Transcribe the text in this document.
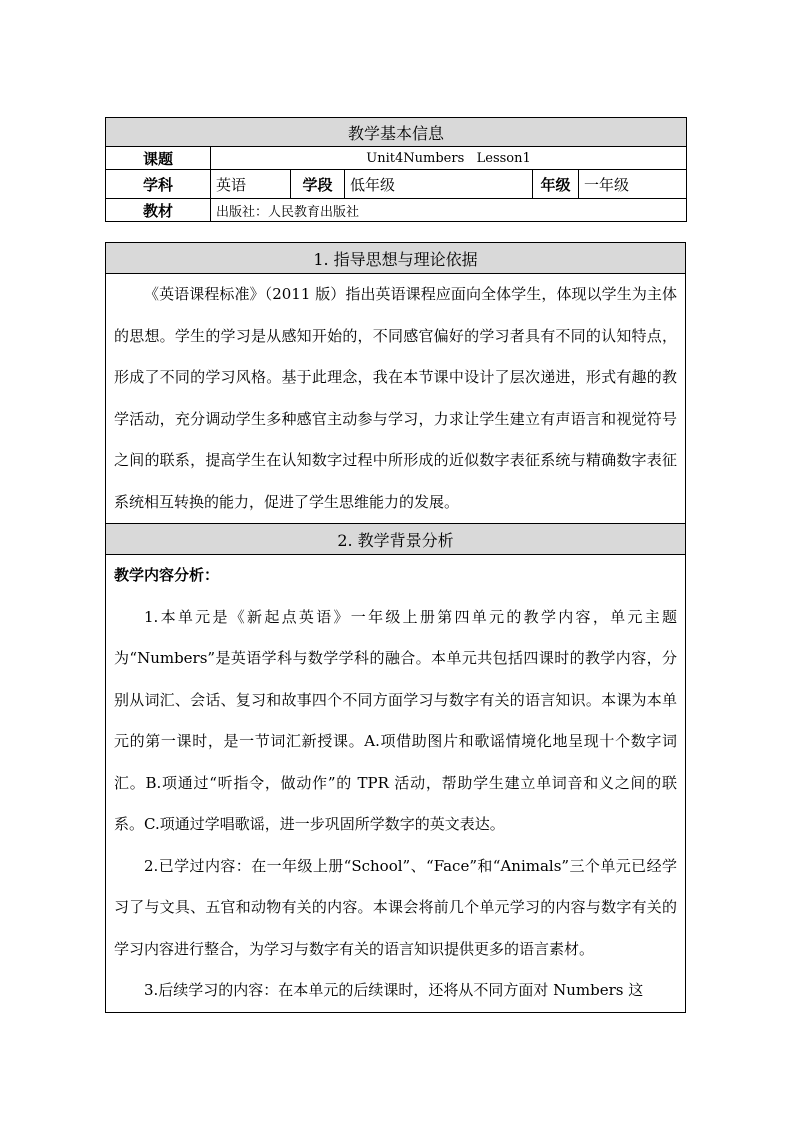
教学基本信息					
课题	Unit4Numbers   Lesson1				
学科	英语	学段	低年级	年级	一年级
教材	出版社：人民教育出版社				
1. 指导思想与理论依据

《英语课程标准》（2011 版）指出英语课程应面向全体学生，体现以学生为主体的思想。学生的学习是从感知开始的，不同感官偏好的学习者具有不同的认知特点，形成了不同的学习风格。基于此理念，我在本节课中设计了层次递进，形式有趣的教学活动，充分调动学生多种感官主动参与学习，力求让学生建立有声语言和视觉符号之间的联系，提高学生在认知数字过程中所形成的近似数字表征系统与精确数字表征系统相互转换的能力，促进了学生思维能力的发展。

2. 教学背景分析

教学内容分析：

1.本单元是《新起点英语》一年级上册第四单元的教学内容，单元主题为“Numbers”是英语学科与数学学科的融合。本单元共包括四课时的教学内容，分别从词汇、会话、复习和故事四个不同方面学习与数字有关的语言知识。本课为本单元的第一课时，是一节词汇新授课。A.项借助图片和歌谣情境化地呈现十个数字词汇。B.项通过“听指令，做动作”的 TPR 活动，帮助学生建立单词音和义之间的联系。C.项通过学唱歌谣，进一步巩固所学数字的英文表达。

2.已学过内容：在一年级上册“School”、“Face”和“Animals”三个单元已经学习了与文具、五官和动物有关的内容。本课会将前几个单元学习的内容与数字有关的学习内容进行整合，为学习与数字有关的语言知识提供更多的语言素材。

3.后续学习的内容：在本单元的后续课时，还将从不同方面对 Numbers 这
